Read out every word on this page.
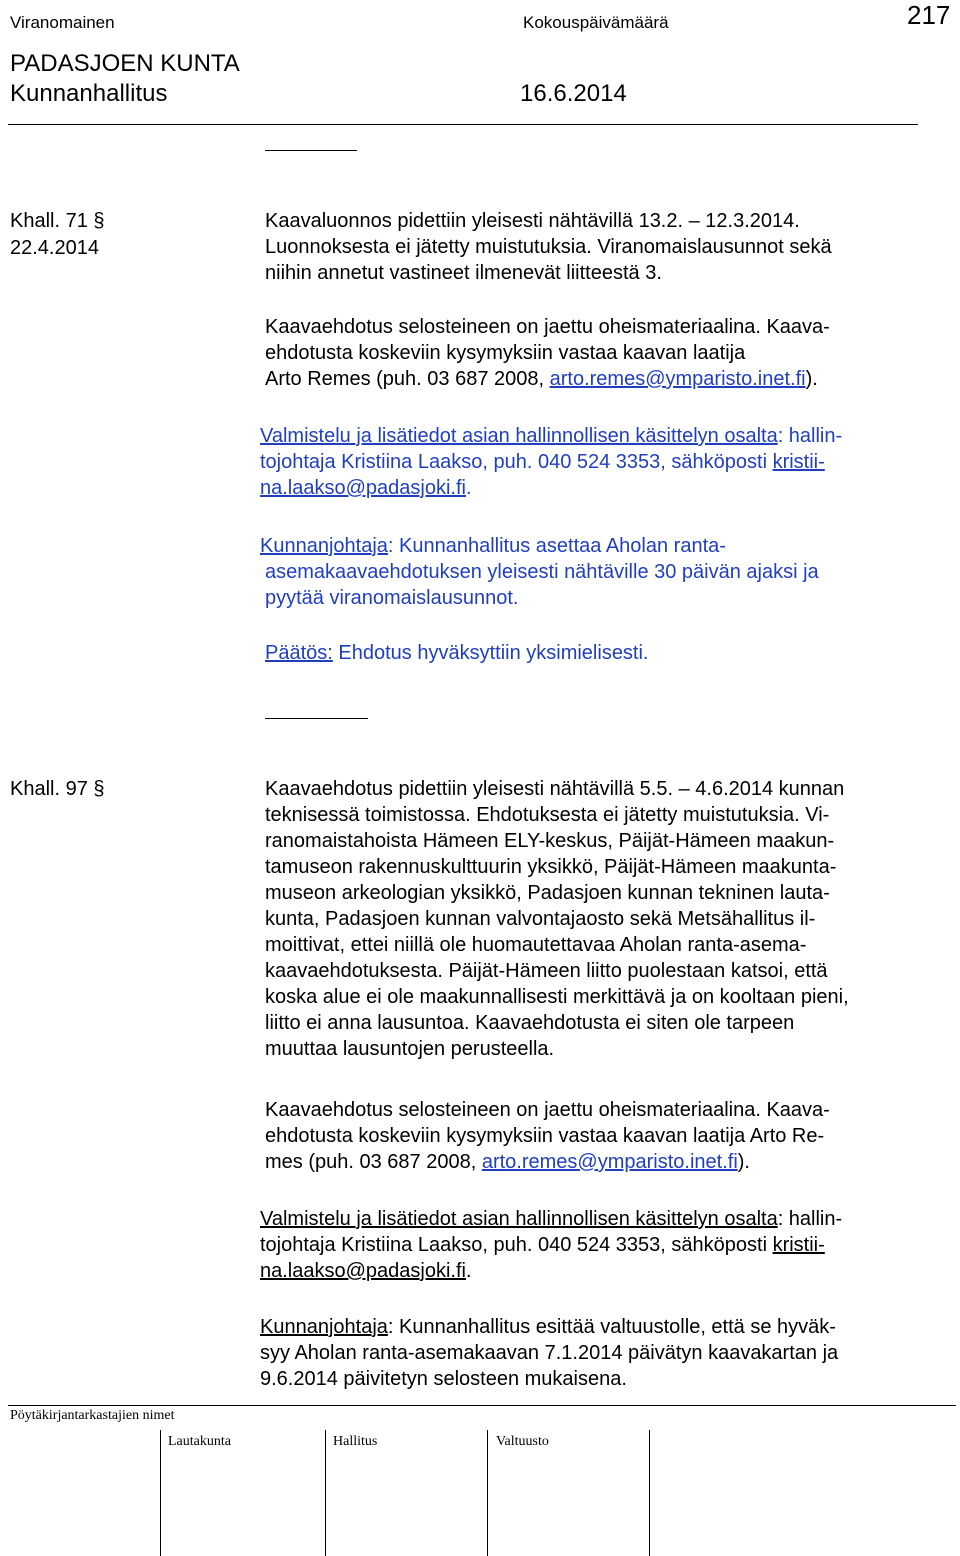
Viranomainen	Kokouspäivämäärä	217
PADASJOEN KUNTA
Kunnanhallitus	16.6.2014
Khall. 71 §
22.4.2014
Kaavaluonnos pidettiin yleisesti nähtävillä 13.2. – 12.3.2014.
Luonnoksesta ei jätetty muistutuksia. Viranomaislausunnot sekä
niihin annetut vastineet ilmenevät liitteestä 3.
Kaavaehdotus selosteineen on jaettu oheismateriaalina. Kaava-
ehdotusta koskeviin kysymyksiin vastaa kaavan laatija
Arto Remes (puh. 03 687 2008, arto.remes@ymparisto.inet.fi).
Valmistelu ja lisätiedot asian hallinnollisen käsittelyn osalta: hallin-
tojohtaja Kristiina Laakso, puh. 040 524 3353, sähköposti kristii-
na.laakso@padasjoki.fi.
Kunnanjohtaja: Kunnanhallitus asettaa Aholan ranta-
asemakaavaehdotuksen yleisesti nähtäville 30 päivän ajaksi ja
pyytää viranomaislausunnot.
Päätös: Ehdotus hyväksyttiin yksimielisesti.
Khall. 97 §	Kaavaehdotus pidettiin yleisesti nähtävillä 5.5. – 4.6.2014 kunnan
teknisessä toimistossa. Ehdotuksesta ei jätetty muistutuksia. Vi-
ranomaistahoista Hämeen ELY-keskus, Päijät-Hämeen maakun-
tamuseon rakennuskulttuurin yksikkö, Päijät-Hämeen maakunta-
museon arkeologian yksikkö, Padasjoen kunnan tekninen lauta-
kunta, Padasjoen kunnan valvontajaosto sekä Metsähallitus il-
moittivat, ettei niillä ole huomautettavaa Aholan ranta-asema-
kaavaehdotuksesta. Päijät-Hämeen liitto puolestaan katsoi, että
koska alue ei ole maakunnallisesti merkittävä ja on kooltaan pieni,
liitto ei anna lausuntoa. Kaavaehdotusta ei siten ole tarpeen
muuttaa lausuntojen perusteella.
Kaavaehdotus selosteineen on jaettu oheismateriaalina. Kaava-
ehdotusta koskeviin kysymyksiin vastaa kaavan laatija Arto Re-
mes (puh. 03 687 2008, arto.remes@ymparisto.inet.fi).
Valmistelu ja lisätiedot asian hallinnollisen käsittelyn osalta: hallin-
tojohtaja Kristiina Laakso, puh. 040 524 3353, sähköposti kristii-
na.laakso@padasjoki.fi.
Kunnanjohtaja: Kunnanhallitus esittää valtuustolle, että se hyväk-
syy Aholan ranta-asemakaavan 7.1.2014 päivätyn kaavakartan ja
9.6.2014 päivitetyn selosteen mukaisena.
Pöytäkirjantarkastajien nimet
Lautakunta	Hallitus	Valtuusto
